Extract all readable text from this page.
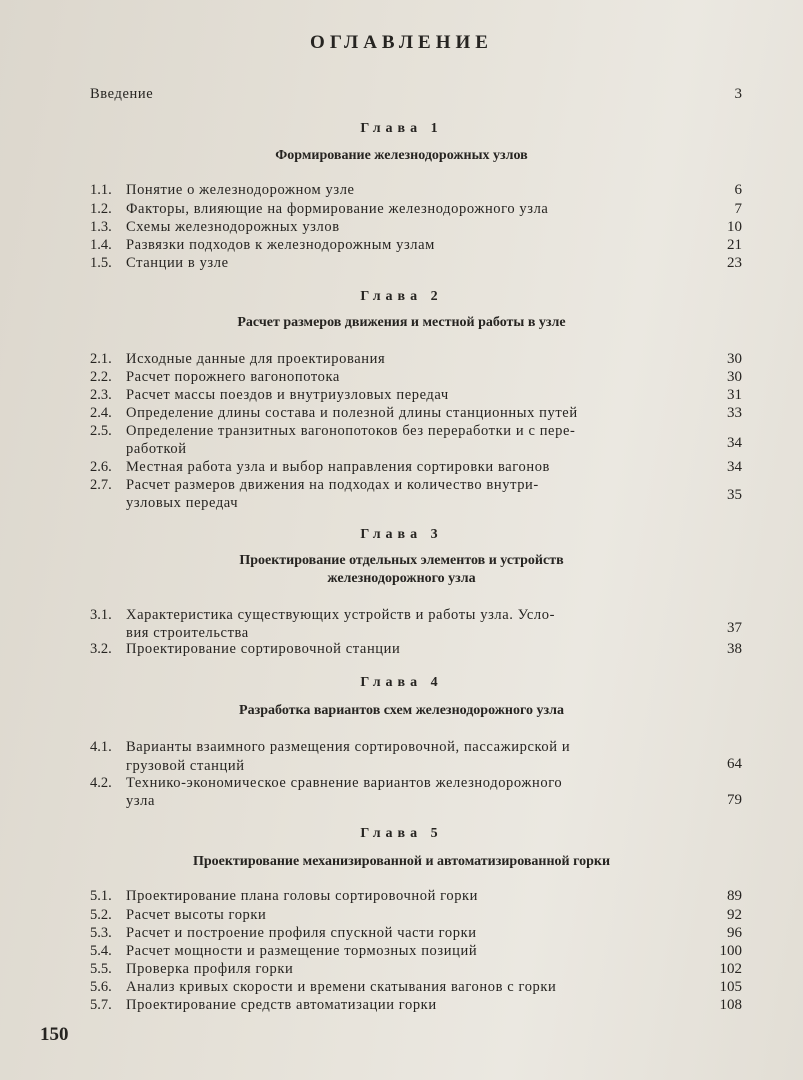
ОГЛАВЛЕНИЕ
Введение	3
Глава 1
Формирование железнодорожных узлов
1.1. Понятие о железнодорожном узле	6
1.2. Факторы, влияющие на формирование железнодорожного узла	7
1.3. Схемы железнодорожных узлов	10
1.4. Развязки подходов к железнодорожным узлам	21
1.5. Станции в узле	23
Глава 2
Расчет размеров движения и местной работы в узле
2.1. Исходные данные для проектирования	30
2.2. Расчет порожнего вагонопотока	30
2.3. Расчет массы поездов и внутриузловых передач	31
2.4. Определение длины состава и полезной длины станционных путей	33
2.5. Определение транзитных вагонопотоков без переработки и с пере-
работкой	34
2.6. Местная работа узла и выбор направления сортировки вагонов	34
2.7. Расчет размеров движения на подходах и количество внутри-
узловых передач	35
Глава 3
Проектирование отдельных элементов и устройств
железнодорожного узла
3.1. Характеристика существующих устройств и работы узла. Усло-
вия строительства	37
3.2. Проектирование сортировочной станции	38
Глава 4
Разработка вариантов схем железнодорожного узла
4.1. Варианты взаимного размещения сортировочной, пассажирской и
грузовой станций	64
4.2. Технико-экономическое сравнение вариантов железнодорожного
узла	79
Глава 5
Проектирование механизированной и автоматизированной горки
5.1. Проектирование плана головы сортировочной горки	89
5.2. Расчет высоты горки	92
5.3. Расчет и построение профиля спускной части горки	96
5.4. Расчет мощности и размещение тормозных позиций	100
5.5. Проверка профиля горки	102
5.6. Анализ кривых скорости и времени скатывания вагонов с горки	105
5.7. Проектирование средств автоматизации горки	108
150
